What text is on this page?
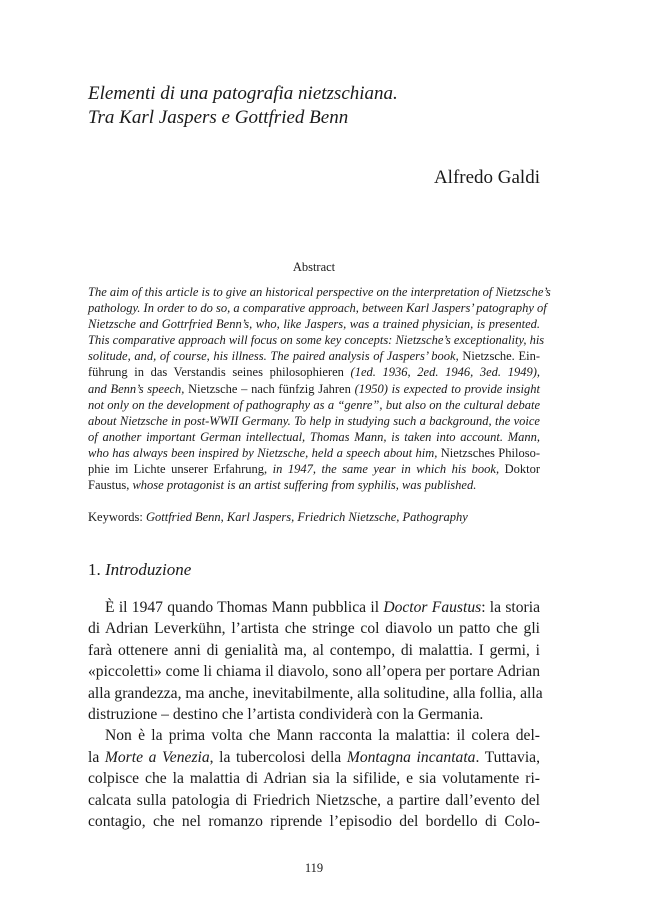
Elementi di una patografia nietzschiana.
Tra Karl Jaspers e Gottfried Benn
Alfredo Galdi
Abstract
The aim of this article is to give an historical perspective on the interpretation of Nietzsche’s
pathology. In order to do so, a comparative approach, between Karl Jaspers’ patography of
Nietzsche and Gottrfried Benn’s, who, like Jaspers, was a trained physician, is presented.
This comparative approach will focus on some key concepts: Nietzsche’s exceptionality, his
solitude, and, of course, his illness. The paired analysis of Jaspers’ book, Nietzsche. Ein-
führung in das Verstandis seines philosophieren (1ed. 1936, 2ed. 1946, 3ed. 1949),
and Benn’s speech, Nietzsche – nach fünfzig Jahren (1950) is expected to provide insight
not only on the development of pathography as a “genre”, but also on the cultural debate
about Nietzsche in post-WWII Germany. To help in studying such a background, the voice
of another important German intellectual, Thomas Mann, is taken into account. Mann,
who has always been inspired by Nietzsche, held a speech about him, Nietzsches Philoso-
phie im Lichte unserer Erfahrung, in 1947, the same year in which his book, Doktor
Faustus, whose protagonist is an artist suffering from syphilis, was published.
Keywords: Gottfried Benn, Karl Jaspers, Friedrich Nietzsche, Pathography
1. Introduzione
È il 1947 quando Thomas Mann pubblica il Doctor Faustus: la storia
di Adrian Leverkühn, l’artista che stringe col diavolo un patto che gli
farà ottenere anni di genialità ma, al contempo, di malattia. I germi, i
«piccoletti» come li chiama il diavolo, sono all’opera per portare Adrian
alla grandezza, ma anche, inevitabilmente, alla solitudine, alla follia, alla
distruzione – destino che l’artista condividerà con la Germania.
Non è la prima volta che Mann racconta la malattia: il colera del-
la Morte a Venezia, la tubercolosi della Montagna incantata. Tuttavia,
colpisce che la malattia di Adrian sia la sifilide, e sia volutamente ri-
calcata sulla patologia di Friedrich Nietzsche, a partire dall’evento del
contagio, che nel romanzo riprende l’episodio del bordello di Colo-
119
